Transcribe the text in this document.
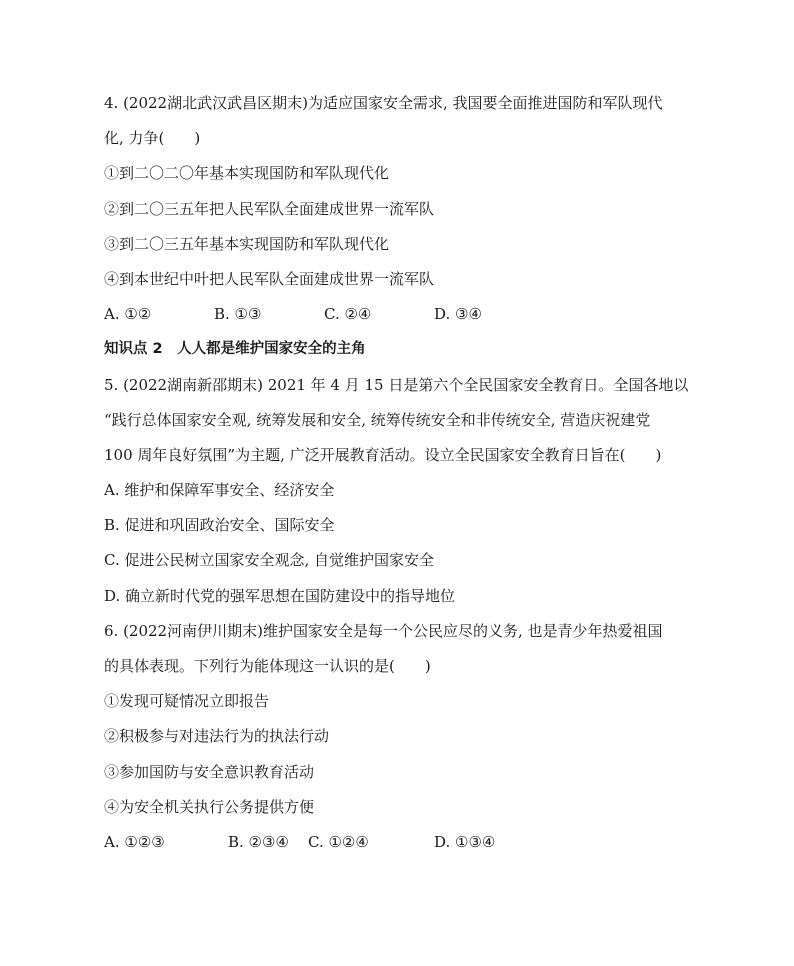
4. (2022湖北武汉武昌区期末)为适应国家安全需求, 我国要全面推进国防和军队现代
化, 力争(　　)
①到二〇二〇年基本实现国防和军队现代化
②到二〇三五年把人民军队全面建成世界一流军队
③到二〇三五年基本实现国防和军队现代化
④到本世纪中叶把人民军队全面建成世界一流军队
A. ①②	B. ①③	C. ②④	D. ③④
知识点 2　人人都是维护国家安全的主角
5. (2022湖南新邵期末) 2021 年 4 月 15 日是第六个全民国家安全教育日。全国各地以
“践行总体国家安全观, 统筹发展和安全, 统筹传统安全和非传统安全, 营造庆祝建党
100 周年良好氛围”为主题, 广泛开展教育活动。设立全民国家安全教育日旨在(　　)
A. 维护和保障军事安全、经济安全
B. 促进和巩固政治安全、国际安全
C. 促进公民树立国家安全观念, 自觉维护国家安全
D. 确立新时代党的强军思想在国防建设中的指导地位
6. (2022河南伊川期末)维护国家安全是每一个公民应尽的义务, 也是青少年热爱祖国
的具体表现。下列行为能体现这一认识的是(　　)
①发现可疑情况立即报告
②积极参与对违法行为的执法行动
③参加国防与安全意识教育活动
④为安全机关执行公务提供方便
A. ①②③	B. ②③④ C. ①②④	D. ①③④
